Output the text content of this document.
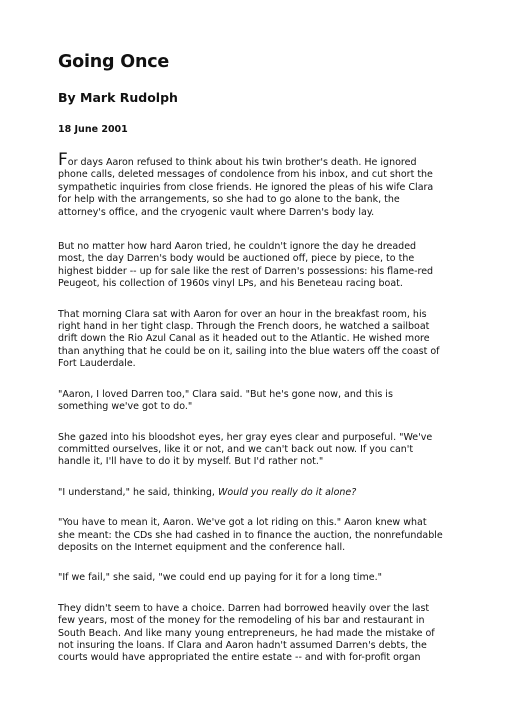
Going Once
By Mark Rudolph

18 June 2001

For days Aaron refused to think about his twin brother's death. He ignored
phone calls, deleted messages of condolence from his inbox, and cut short the
sympathetic inquiries from close friends. He ignored the pleas of his wife Clara
for help with the arrangements, so she had to go alone to the bank, the
attorney's office, and the cryogenic vault where Darren's body lay.

But no matter how hard Aaron tried, he couldn't ignore the day he dreaded
most, the day Darren's body would be auctioned off, piece by piece, to the
highest bidder -- up for sale like the rest of Darren's possessions: his flame-red
Peugeot, his collection of 1960s vinyl LPs, and his Beneteau racing boat.

That morning Clara sat with Aaron for over an hour in the breakfast room, his
right hand in her tight clasp. Through the French doors, he watched a sailboat
drift down the Rio Azul Canal as it headed out to the Atlantic. He wished more
than anything that he could be on it, sailing into the blue waters off the coast of
Fort Lauderdale.

"Aaron, I loved Darren too," Clara said. "But he's gone now, and this is
something we've got to do."

She gazed into his bloodshot eyes, her gray eyes clear and purposeful. "We've
committed ourselves, like it or not, and we can't back out now. If you can't
handle it, I'll have to do it by myself. But I'd rather not."

"I understand," he said, thinking, Would you really do it alone?

"You have to mean it, Aaron. We've got a lot riding on this." Aaron knew what
she meant: the CDs she had cashed in to finance the auction, the nonrefundable
deposits on the Internet equipment and the conference hall.

"If we fail," she said, "we could end up paying for it for a long time."

They didn't seem to have a choice. Darren had borrowed heavily over the last
few years, most of the money for the remodeling of his bar and restaurant in
South Beach. And like many young entrepreneurs, he had made the mistake of
not insuring the loans. If Clara and Aaron hadn't assumed Darren's debts, the
courts would have appropriated the entire estate -- and with for-profit organ
